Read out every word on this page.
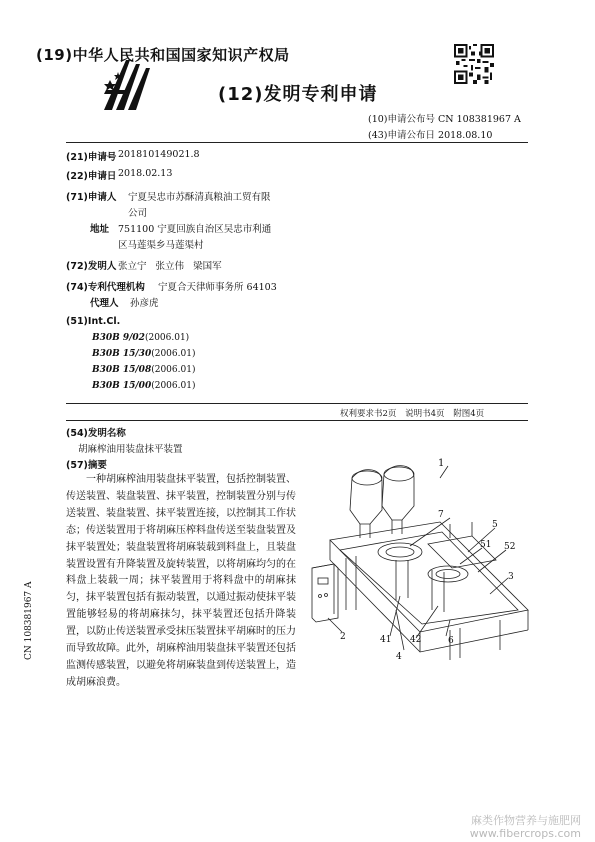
(19)中华人民共和国国家知识产权局
(12)发明专利申请
(10)申请公布号 CN 108381967 A
(43)申请公布日 2018.08.10
(21)申请号 201810149021.8
(22)申请日 2018.02.13
(71)申请人 宁夏吴忠市苏酥清真粮油工贸有限
公司
地址 751100 宁夏回族自治区吴忠市利通
区马莲渠乡马莲渠村
(72)发明人 张立宁   张立伟   梁国军
(74)专利代理机构 宁夏合天律师事务所 64103
代理人 孙彦虎
(51)Int.Cl.
B30B 9/02(2006.01)
B30B 15/30(2006.01)
B30B 15/08(2006.01)
B30B 15/00(2006.01)
权利要求书2页 说明书4页 附图4页
(54)发明名称
胡麻榨油用装盘抹平装置
(57)摘要
一种胡麻榨油用装盘抹平装置，包括控制装置、传送装置、装盘装置、抹平装置，控制装置分别与传送装置、装盘装置、抹平装置连接，以控制其工作状态；传送装置用于将胡麻压榨料盘传送至装盘装置及抹平装置处；装盘装置将胡麻装载到料盘上，且装盘装置设置有升降装置及旋转装置，以将胡麻均匀的在料盘上装载一周；抹平装置用于将料盘中的胡麻抹匀，抹平装置包括有振动装置，以通过振动使抹平装置能够轻易的将胡麻抹匀，抹平装置还包括升降装置，以防止传送装置承受抹压装置抹平胡麻时的压力而导致故障。此外，胡麻榨油用装盘抹平装置还包括监测传感装置，以避免将胡麻装盘到传送装置上，造成胡麻浪费。
1
7
5
51 52
3
2	41 42	6
4
CN 108381967 A
麻类作物营养与施肥网
www.fibercrops.com
